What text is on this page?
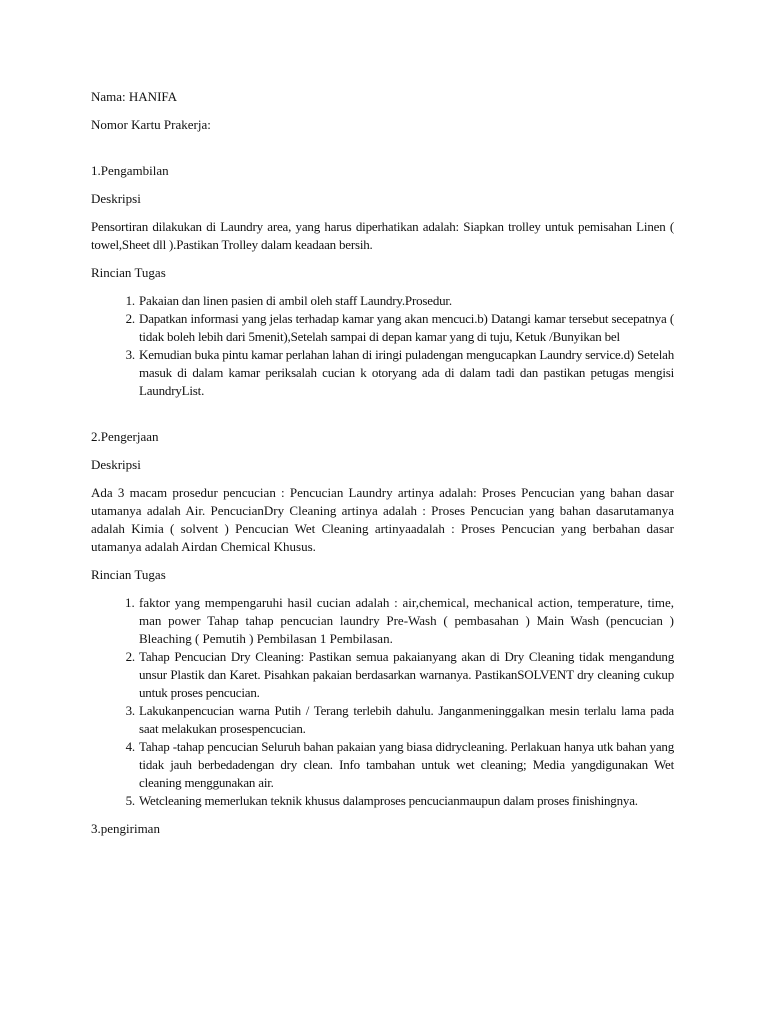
Nama: HANIFA

Nomor Kartu Prakerja:

1.Pengambilan

Deskripsi

Pensortiran dilakukan di Laundry area, yang harus diperhatikan adalah: Siapkan trolley untuk pemisahan Linen ( towel,Sheet dll ).Pastikan Trolley dalam keadaan bersih.

Rincian Tugas

1. Pakaian dan linen pasien di ambil oleh staff Laundry.Prosedur.
2. Dapatkan informasi yang jelas terhadap kamar yang akan mencuci.b) Datangi kamar tersebut secepatnya ( tidak boleh lebih dari 5menit),Setelah sampai di depan kamar yang di tuju, Ketuk /Bunyikan bel
3. Kemudian buka pintu kamar perlahan lahan di iringi puladengan mengucapkan Laundry service.d) Setelah masuk di dalam kamar periksalah cucian k otoryang ada di dalam tadi dan pastikan petugas mengisi LaundryList.

2.Pengerjaan

Deskripsi

Ada 3 macam prosedur pencucian : Pencucian Laundry artinya adalah: Proses Pencucian yang bahan dasar utamanya adalah Air. PencucianDry Cleaning artinya adalah : Proses Pencucian yang bahan dasarutamanya adalah Kimia ( solvent ) Pencucian Wet Cleaning artinyaadalah : Proses Pencucian yang berbahan dasar utamanya adalah Airdan Chemical Khusus.

Rincian Tugas

1. faktor yang mempengaruhi hasil cucian adalah : air,chemical, mechanical action, temperature, time, man power Tahap tahap pencucian laundry Pre-Wash ( pembasahan ) Main Wash (pencucian ) Bleaching ( Pemutih ) Pembilasan 1 Pembilasan.
2. Tahap Pencucian Dry Cleaning: Pastikan semua pakaianyang akan di Dry Cleaning tidak mengandung unsur Plastik dan Karet. Pisahkan pakaian berdasarkan warnanya. PastikanSOLVENT dry cleaning cukup untuk proses pencucian.
3. Lakukanpencucian warna Putih / Terang terlebih dahulu. Janganmeninggalkan mesin terlalu lama pada saat melakukan prosespencucian.
4. Tahap -tahap pencucian Seluruh bahan pakaian yang biasa didrycleaning. Perlakuan hanya utk bahan yang tidak jauh berbedadengan dry clean. Info tambahan untuk wet cleaning; Media yangdigunakan Wet cleaning menggunakan air.
5. Wetcleaning memerlukan teknik khusus dalamproses pencucianmaupun dalam proses finishingnya.

3.pengiriman
